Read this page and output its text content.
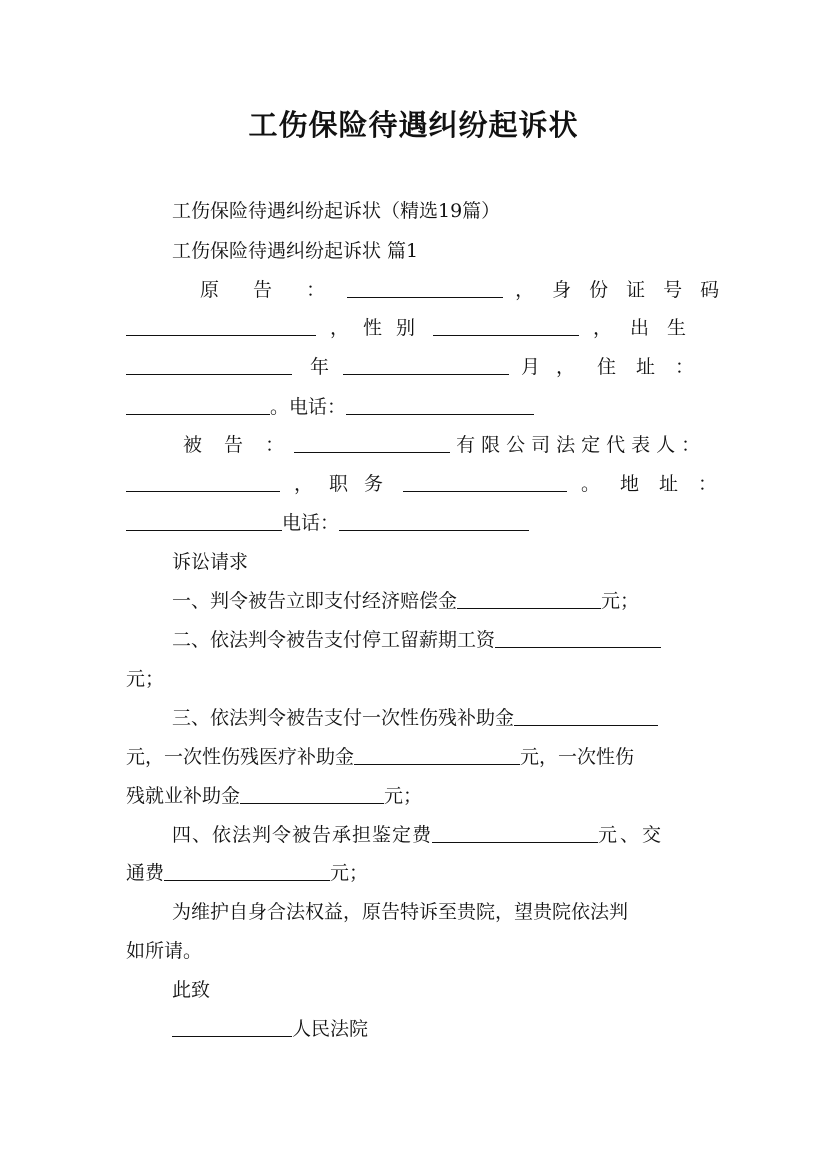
工伤保险待遇纠纷起诉状
工伤保险待遇纠纷起诉状（精选19篇）
工伤保险待遇纠纷起诉状 篇1
原 告 ：	，身份证号码
，性别	，出生
年	月， 住址：
。电话：
被 告 ：	有限公司法定代表人：
，职务	。地址：
电话：
诉讼请求
一、判令被告立即支付经济赔偿金	元；
二、依法判令被告支付停工留薪期工资
元；
三、依法判令被告支付一次性伤残补助金
元，一次性伤残医疗补助金	元，一次性伤
残就业补助金	元；
四、依法判令被告承担鉴定费	元、交
通费	元；
为维护自身合法权益，原告特诉至贵院，望贵院依法判
如所请。
此致
人民法院
